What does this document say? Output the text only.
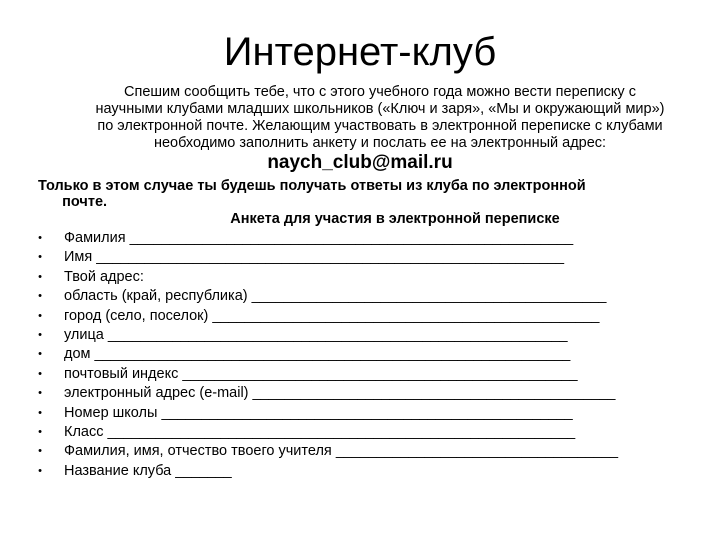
Интернет-клуб
Спешим сообщить тебе, что с этого учебного года можно вести переписку с
научными клубами младших школьников («Ключ и заря», «Мы и окружающий мир»)
по электронной почте. Желающим участвовать в электронной переписке с клубами
необходимо заполнить анкету и послать ее на электронный адрес:
naych_club@mail.ru
Только в этом случае ты будешь получать ответы из клуба по электронной
почте.
Анкета для участия в электронной переписке
• Фамилия _______________________________________________________
• Имя __________________________________________________________
• Твой адрес:
• область (край, республика) ____________________________________________
• город (село, поселок) ________________________________________________
• улица _________________________________________________________
• дом ___________________________________________________________
• почтовый индекс _________________________________________________
• электронный адрес (e-mail) _____________________________________________
• Номер школы ___________________________________________________
• Класс __________________________________________________________
• Фамилия, имя, отчество твоего учителя ___________________________________
• Название клуба _______
